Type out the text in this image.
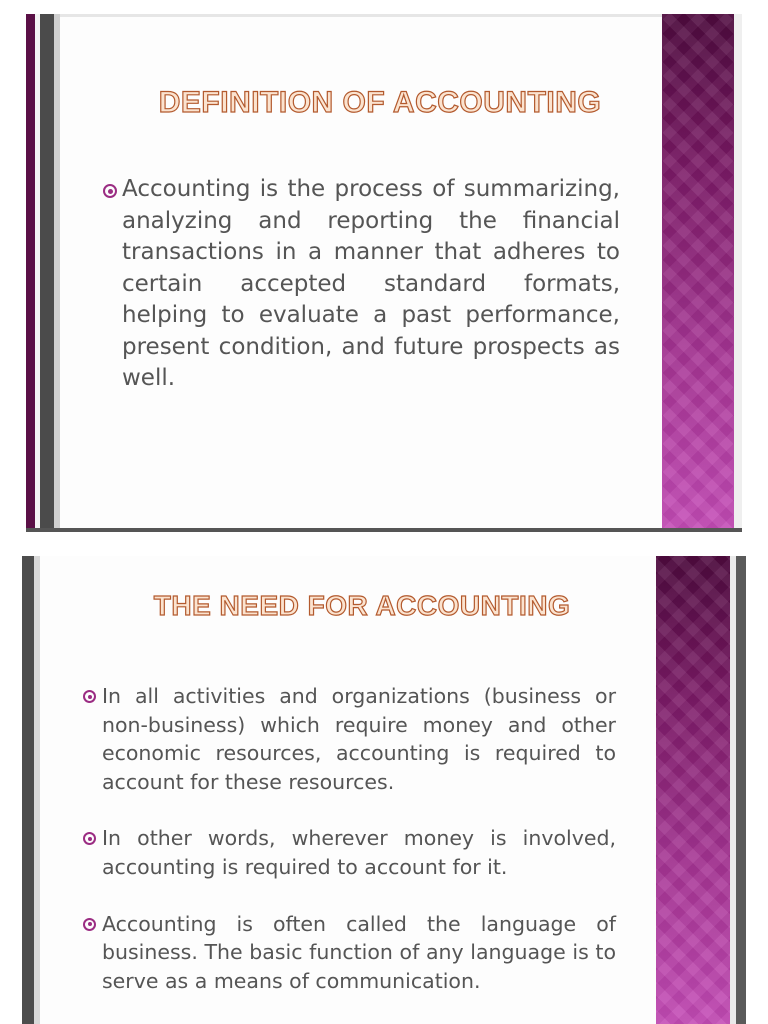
DEFINITION OF ACCOUNTING
Accounting is the process of summarizing, analyzing and reporting the financial transactions in a manner that adheres to certain accepted standard formats, helping to evaluate a past performance, present condition, and future prospects as well.
THE NEED FOR ACCOUNTING
In all activities and organizations (business or non-business) which require money and other economic resources, accounting is required to account for these resources.
In other words, wherever money is involved, accounting is required to account for it.
Accounting is often called the language of business. The basic function of any language is to serve as a means of communication.
